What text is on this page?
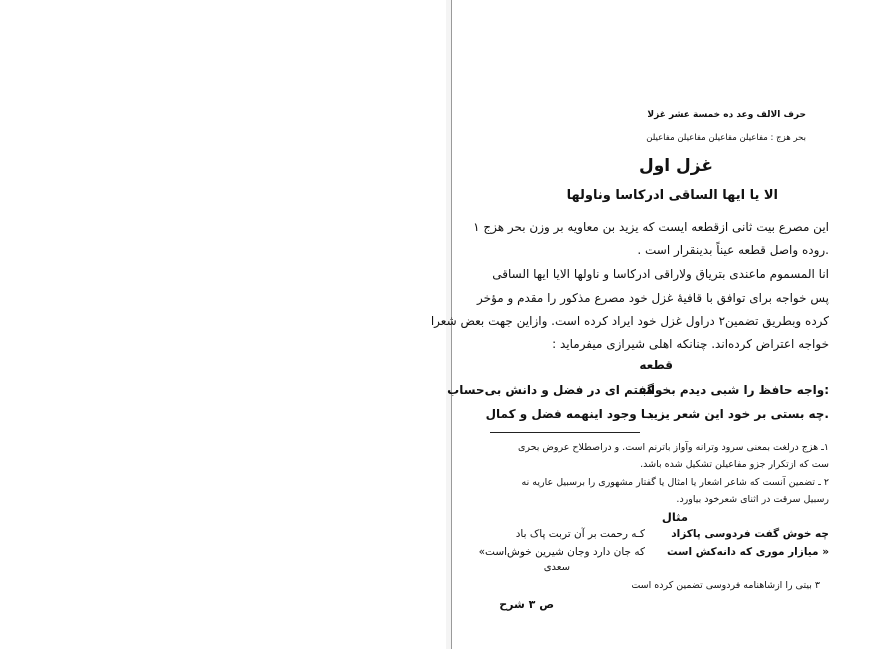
حرف الالف وعد ده خمسة عشر غزلا
بحر هزج : مفاعیلن مفاعیلن مفاعیلن مفاعیلن
غزل اول
الا یا ایها الساقی ادرکاسا وناولها
این مصرع بیت ثانی ازقطعه ایست که یزید بن معاویه بر وزن بحر هزج ۱
.روده واصل قطعه عیناً بدینقرار است .
انا المسموم ماعندی بتریاق ولاراقی ادرکاسا و ناولها الایا ایها الساقی
پس خواجه برای توافق با قافیهٔ غزل خود مصرع مذکور را مقدم و مؤخر
کرده وبطریق تضمین۲ دراول غزل خود ایراد کرده است. وازاین جهت بعض شعرا
خواجه اعتراض کرده‌اند. چنانکه اهلی شیرازی میفرماید :
قطعه
:واجه حافظ را شبی دیدم بخواب
گفتم ای در فضل و دانش بی‌حساب
.چه بستی بر خود این شعر یزید
بـا وجود اینهمه فضل و کمال
۱ـ هزج درلغت بمعنی سرود وترانه وآواز باترنم است. و دراصطلاح عروض بحری
ست که ازتکرار جزو مفاعیلن تشکیل شده باشد.
۲ ـ تضمین آنست که شاعر اشعار یا امثال یا گفتار مشهوری را برسبیل عاریه نه
رسبیل سرقت در اثنای شعرخود بیاورد.
مثال
چه خوش گفت فردوسی پاکزاد
کـه رحمت بر آن تربت پاک باد
« میازار موری که دانه‌کش است
که جان دارد وجان شیرین خوش‌است»
سعدی
۳ بیتی را ازشاهنامه فردوسی تضمین کرده است
ص ۳ شرح
